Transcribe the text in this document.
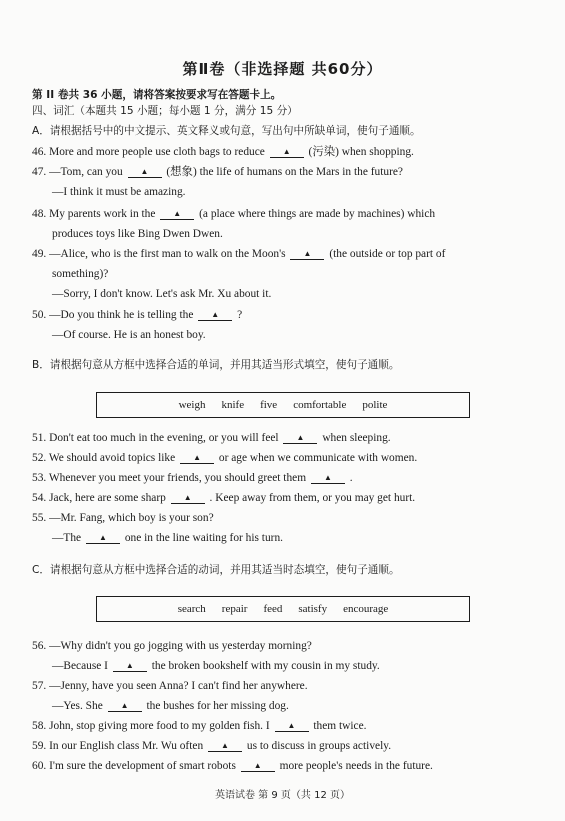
第Ⅱ卷（非选择题 共60分）
第 II 卷共 36 小题，请将答案按要求写在答题卡上。
四、词汇（本题共 15 小题；每小题 1 分，满分 15 分）
A．请根据括号中的中文提示、英文释义或句意，写出句中所缺单词，使句子通顺。
46. More and more people use cloth bags to reduce ▲ (污染) when shopping.
47. —Tom, can you ▲ (想象) the life of humans on the Mars in the future?
—I think it must be amazing.
48. My parents work in the ▲ (a place where things are made by machines) which
produces toys like Bing Dwen Dwen.
49. —Alice, who is the first man to walk on the Moon's ▲ (the outside or top part of
something)?
—Sorry, I don't know. Let's ask Mr. Xu about it.
50. —Do you think he is telling the ▲ ?
—Of course. He is an honest boy.
B．请根据句意从方框中选择合适的单词，并用其适当形式填空，使句子通顺。
weigh knife five comfortable polite
51. Don't eat too much in the evening, or you will feel ▲ when sleeping.
52. We should avoid topics like ▲ or age when we communicate with women.
53. Whenever you meet your friends, you should greet them ▲ .
54. Jack, here are some sharp ▲ . Keep away from them, or you may get hurt.
55. —Mr. Fang, which boy is your son?
—The ▲ one in the line waiting for his turn.
C．请根据句意从方框中选择合适的动词，并用其适当时态填空，使句子通顺。
search repair feed satisfy encourage
56. —Why didn't you go jogging with us yesterday morning?
—Because I ▲ the broken bookshelf with my cousin in my study.
57. —Jenny, have you seen Anna? I can't find her anywhere.
—Yes. She ▲ the bushes for her missing dog.
58. John, stop giving more food to my golden fish. I ▲ them twice.
59. In our English class Mr. Wu often ▲ us to discuss in groups actively.
60. I'm sure the development of smart robots ▲ more people's needs in the future.
英语试卷 第 9 页（共 12 页）
